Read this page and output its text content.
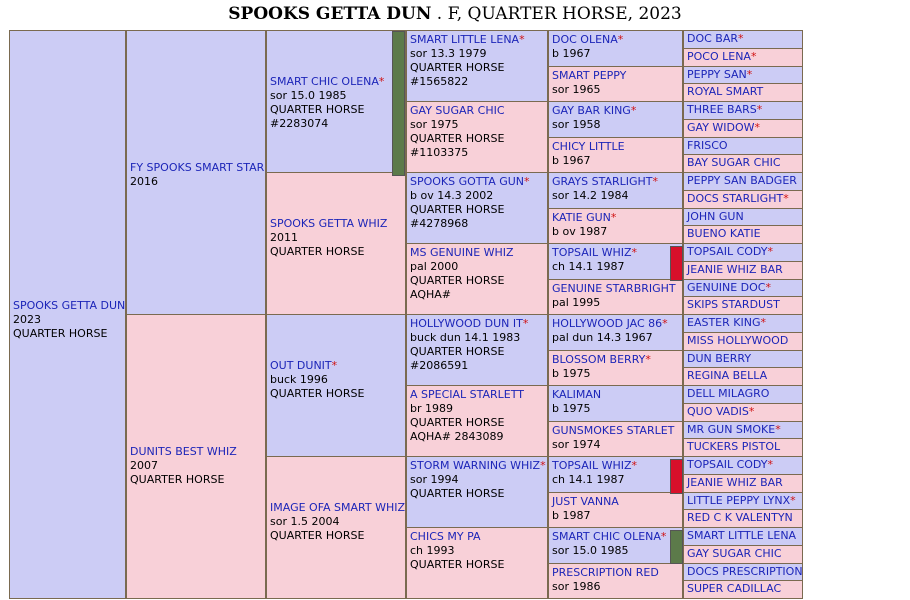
SPOOKS GETTA DUN . F, QUARTER HORSE, 2023
SPOOKS GETTA DUN
2023
QUARTER HORSE
FY SPOOKS SMART STAR
2016
DUNITS BEST WHIZ
2007
QUARTER HORSE
SMART CHIC OLENA*
sor 15.0 1985
QUARTER HORSE
#2283074
SPOOKS GETTA WHIZ
2011
QUARTER HORSE
OUT DUNIT*
buck 1996
QUARTER HORSE
IMAGE OFA SMART WHIZ
sor 1.5 2004
QUARTER HORSE
SMART LITTLE LENA*
sor 13.3 1979
QUARTER HORSE
#1565822
GAY SUGAR CHIC
sor 1975
QUARTER HORSE
#1103375
SPOOKS GOTTA GUN*
b ov 14.3 2002
QUARTER HORSE
#4278968
MS GENUINE WHIZ
pal 2000
QUARTER HORSE
AQHA#
HOLLYWOOD DUN IT*
buck dun 14.1 1983
QUARTER HORSE
#2086591
A SPECIAL STARLETT
br 1989
QUARTER HORSE
AQHA# 2843089
STORM WARNING WHIZ*
sor 1994
QUARTER HORSE
CHICS MY PA
ch 1993
QUARTER HORSE
DOC OLENA*
b 1967
SMART PEPPY
sor 1965
GAY BAR KING*
sor 1958
CHICY LITTLE
b 1967
GRAYS STARLIGHT*
sor 14.2 1984
KATIE GUN*
b ov 1987
TOPSAIL WHIZ*
ch 14.1 1987
GENUINE STARBRIGHT
pal 1995
HOLLYWOOD JAC 86*
pal dun 14.3 1967
BLOSSOM BERRY*
b 1975
KALIMAN
b 1975
GUNSMOKES STARLET
sor 1974
TOPSAIL WHIZ*
ch 14.1 1987
JUST VANNA
b 1987
SMART CHIC OLENA*
sor 15.0 1985
PRESCRIPTION RED
sor 1986
DOC BAR*
POCO LENA*
PEPPY SAN*
ROYAL SMART
THREE BARS*
GAY WIDOW*
FRISCO
BAY SUGAR CHIC
PEPPY SAN BADGER
DOCS STARLIGHT*
JOHN GUN
BUENO KATIE
TOPSAIL CODY*
JEANIE WHIZ BAR
GENUINE DOC*
SKIPS STARDUST
EASTER KING*
MISS HOLLYWOOD
DUN BERRY
REGINA BELLA
DELL MILAGRO
QUO VADIS*
MR GUN SMOKE*
TUCKERS PISTOL
TOPSAIL CODY*
JEANIE WHIZ BAR
LITTLE PEPPY LYNX*
RED C K VALENTYN
SMART LITTLE LENA
GAY SUGAR CHIC
DOCS PRESCRIPTION
SUPER CADILLAC
